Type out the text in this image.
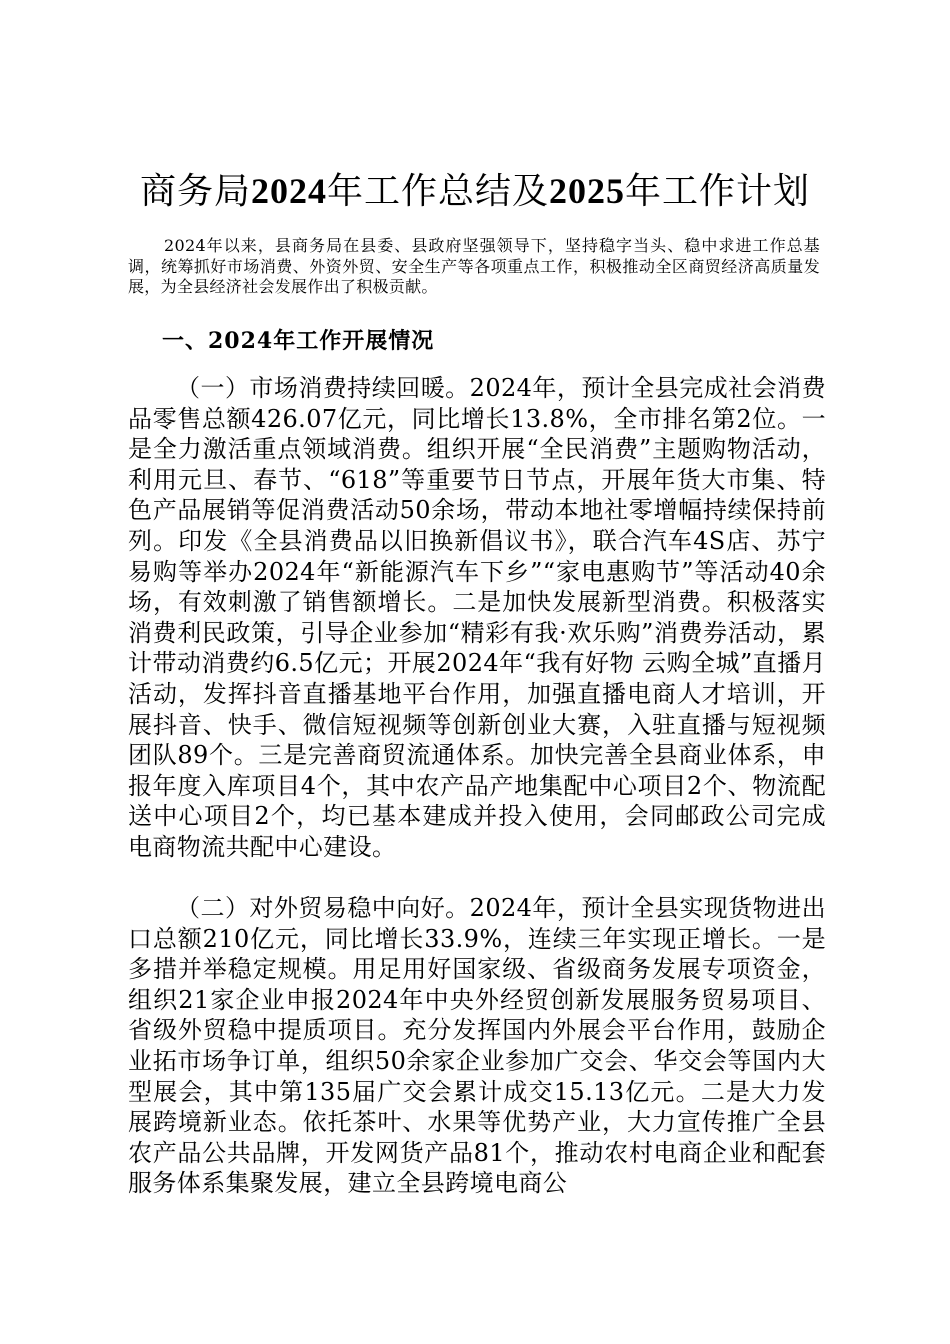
商务局2024年工作总结及2025年工作计划
2024年以来，县商务局在县委、县政府坚强领导下，坚持稳字当头、稳中求进工作总基调，统筹抓好市场消费、外资外贸、安全生产等各项重点工作，积极推动全区商贸经济高质量发展，为全县经济社会发展作出了积极贡献。
一、2024年工作开展情况
（一）市场消费持续回暖。2024年，预计全县完成社会消费品零售总额426.07亿元，同比增长13.8%，全市排名第2位。一是全力激活重点领域消费。组织开展“全民消费”主题购物活动，利用元旦、春节、“618”等重要节日节点，开展年货大市集、特色产品展销等促消费活动50余场，带动本地社零增幅持续保持前列。印发《全县消费品以旧换新倡议书》，联合汽车4S店、苏宁易购等举办2024年“新能源汽车下乡”“家电惠购节”等活动40余场，有效刺激了销售额增长。二是加快发展新型消费。积极落实消费利民政策，引导企业参加“精彩有我·欢乐购”消费券活动，累计带动消费约6.5亿元；开展2024年“我有好物 云购全城”直播月活动，发挥抖音直播基地平台作用，加强直播电商人才培训，开展抖音、快手、微信短视频等创新创业大赛，入驻直播与短视频团队89个。三是完善商贸流通体系。加快完善全县商业体系，申报年度入库项目4个，其中农产品产地集配中心项目2个、物流配送中心项目2个，均已基本建成并投入使用，会同邮政公司完成电商物流共配中心建设。
（二）对外贸易稳中向好。2024年，预计全县实现货物进出口总额210亿元，同比增长33.9%，连续三年实现正增长。一是多措并举稳定规模。用足用好国家级、省级商务发展专项资金，组织21家企业申报2024年中央外经贸创新发展服务贸易项目、省级外贸稳中提质项目。充分发挥国内外展会平台作用，鼓励企业拓市场争订单，组织50余家企业参加广交会、华交会等国内大型展会，其中第135届广交会累计成交15.13亿元。二是大力发展跨境新业态。依托茶叶、水果等优势产业，大力宣传推广全县农产品公共品牌，开发网货产品81个，推动农村电商企业和配套服务体系集聚发展，建立全县跨境电商公
